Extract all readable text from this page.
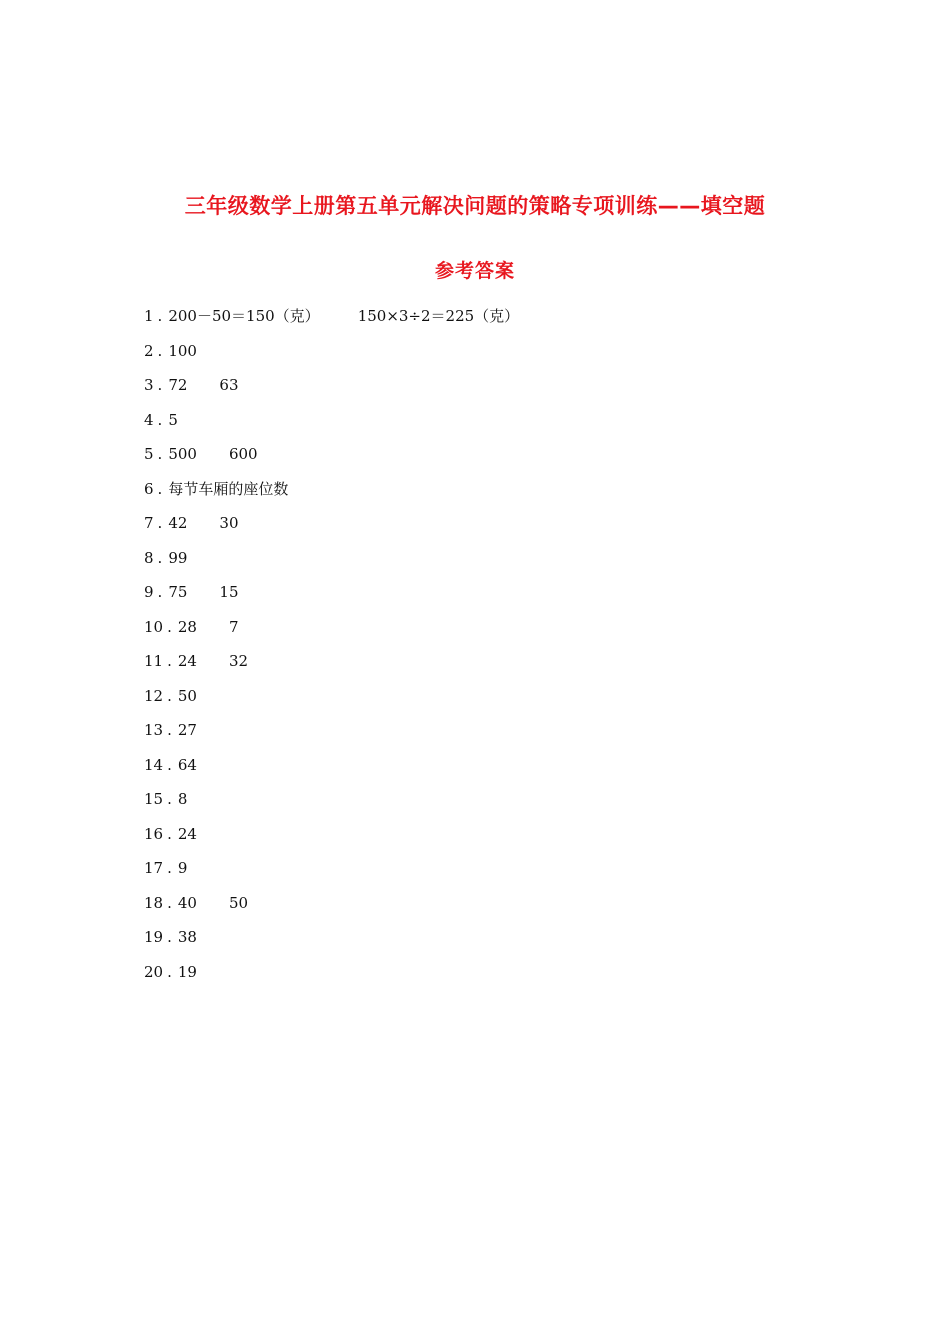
三年级数学上册第五单元解决问题的策略专项训练——填空题
参考答案
1 . 200－50＝150（克）	150×3÷2＝225（克）
2 . 100
3 . 72 63
4 . 5
5 . 500 600
6 . 每节车厢的座位数
7 . 42 30
8 . 99
9 . 75 15
10 . 28 7
11 . 24 32
12 . 50
13 . 27
14 . 64
15 . 8
16 . 24
17 . 9
18 . 40 50
19 . 38
20 . 19
